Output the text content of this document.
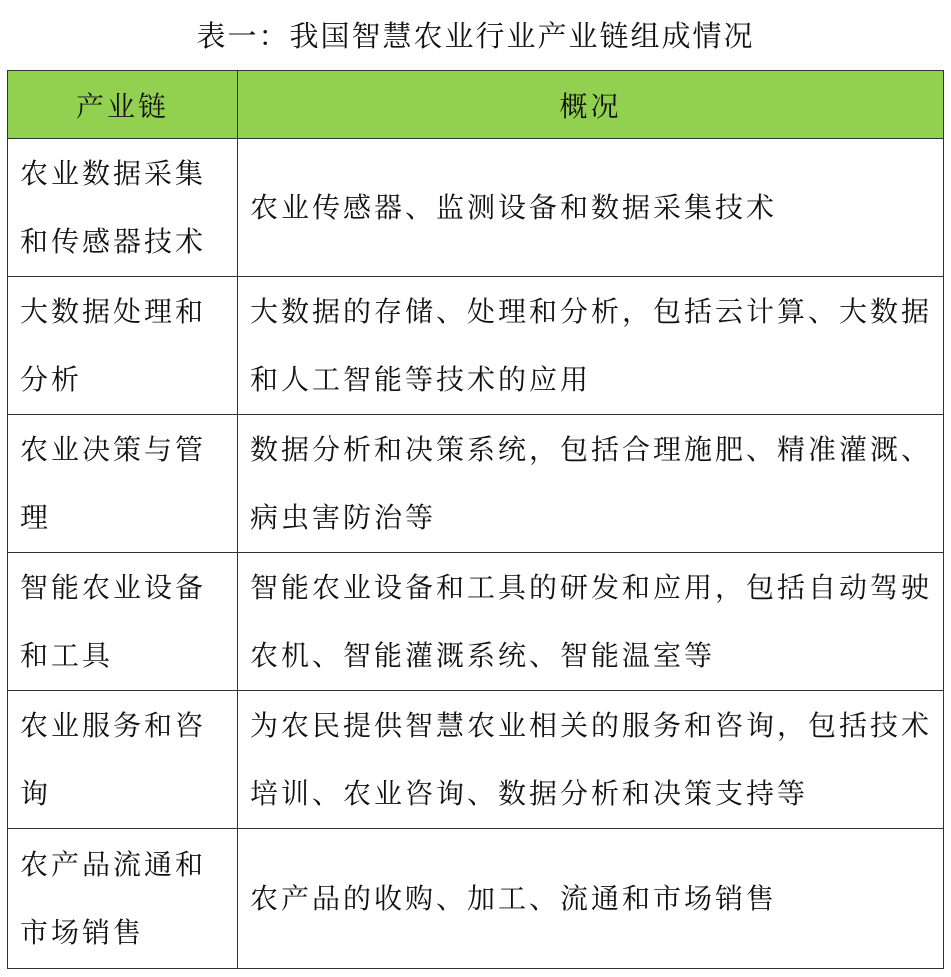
表一：我国智慧农业行业产业链组成情况
产业链	概况
农业数据采集和传感器技术	农业传感器、监测设备和数据采集技术
大数据处理和分析	大数据的存储、处理和分析，包括云计算、大数据和人工智能等技术的应用
农业决策与管理	数据分析和决策系统，包括合理施肥、精准灌溉、病虫害防治等
智能农业设备和工具	智能农业设备和工具的研发和应用，包括自动驾驶农机、智能灌溉系统、智能温室等
农业服务和咨询	为农民提供智慧农业相关的服务和咨询，包括技术培训、农业咨询、数据分析和决策支持等
农产品流通和市场销售	农产品的收购、加工、流通和市场销售
